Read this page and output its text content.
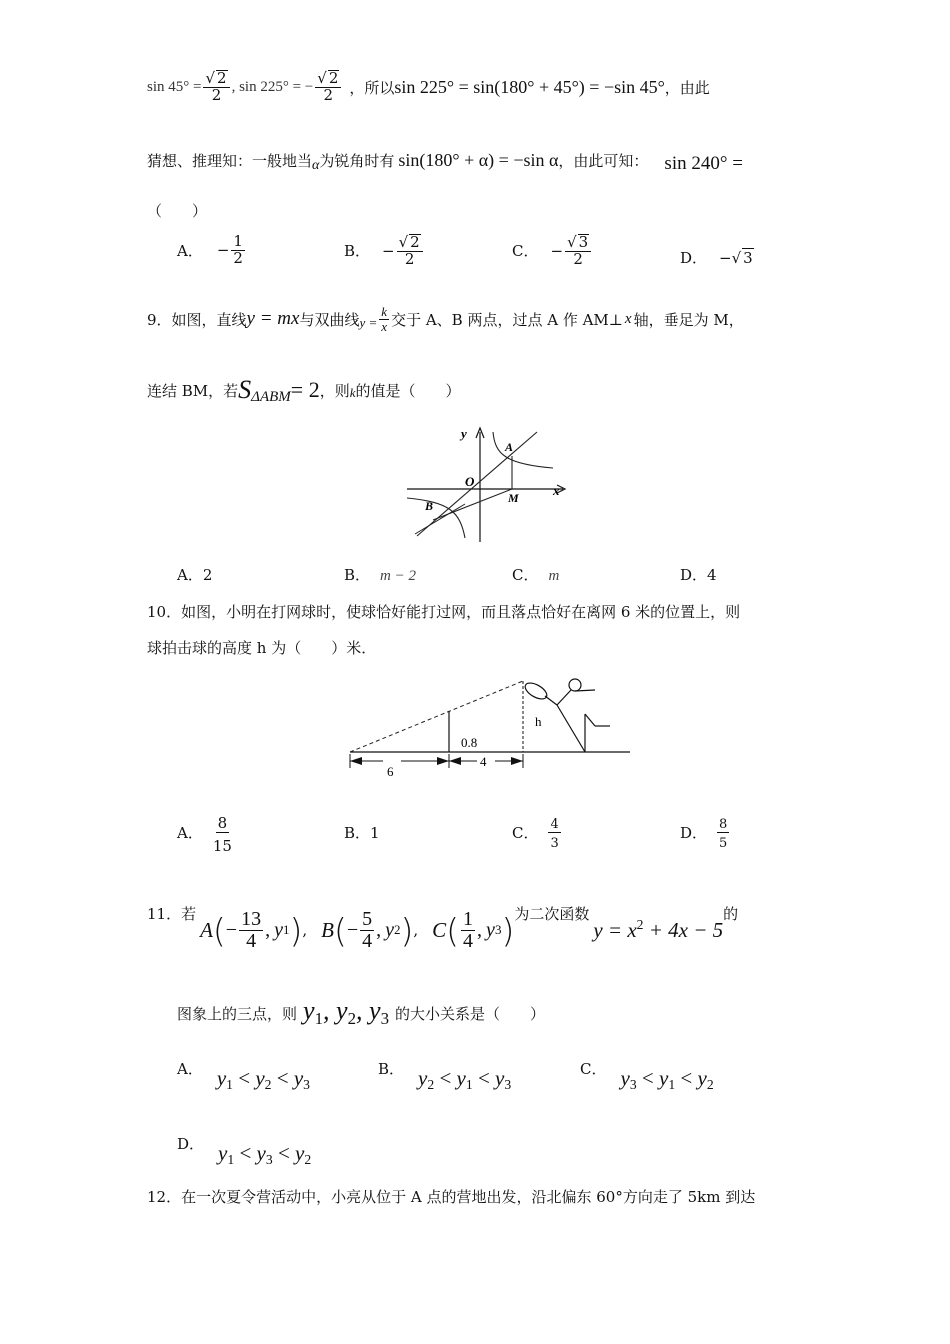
$\sin 45^\circ = \frac{√ 2}{2}$ , sin 225° = − $\frac{√ 2}{2}$ ，所以 sin 225° = sin(180° + 45°) = −sin 45° ，由此
猜想、推理知：一般地当 α 为锐角时有 sin(180° + α) = −sin α ，由此可知： sin 240° =
（　　）
A． − $\frac{1}{2}$	B． − $\frac{√ 2}{2}$	C． − $\frac{√ 3}{2}$	D． − √ 3
9．如图，直线 y = mx 与双曲线 $y = \frac{k}{x}$ 交于 A、B 两点，过点 A 作 AM⊥ x 轴，垂足为 M，
连结 BM，若 S ΔABM = 2 ，则 k 的值是（　　）
y
x
O
A
B
M
A．2	B． m − 2	C． m	D．4
10．如图，小明在打网球时，使球恰好能打过网，而且落点恰好在离网 6 米的位置上，则
球拍击球的高度 h 为（　　）米．
h
0.8
6
4
A． $\frac{8}{15}$	B．1	C． $\frac{4}{3}$	D． $\frac{8}{5}$
11．若
A ( − $\frac{13}{4}$ , y 1 ) , B ( − $\frac{5}{4}$ , y 2 ) , C ( $\frac{1}{4}$ , y 3 ) 为二次函数
$y = x^2 + 4x - 5$
的
图象上的三点，则 $y_1$, $y_2$, $y_3$ 的大小关系是（　　）
A． $y_1 < y_2 < y_3$
B． $y_2 < y_1 < y_3$
C． $y_3 < y_1 < y_2$
D． $y_1 < y_3 < y_2$
12．在一次夏令营活动中，小亮从位于 A 点的营地出发，沿北偏东 60°方向走了 5km 到达
